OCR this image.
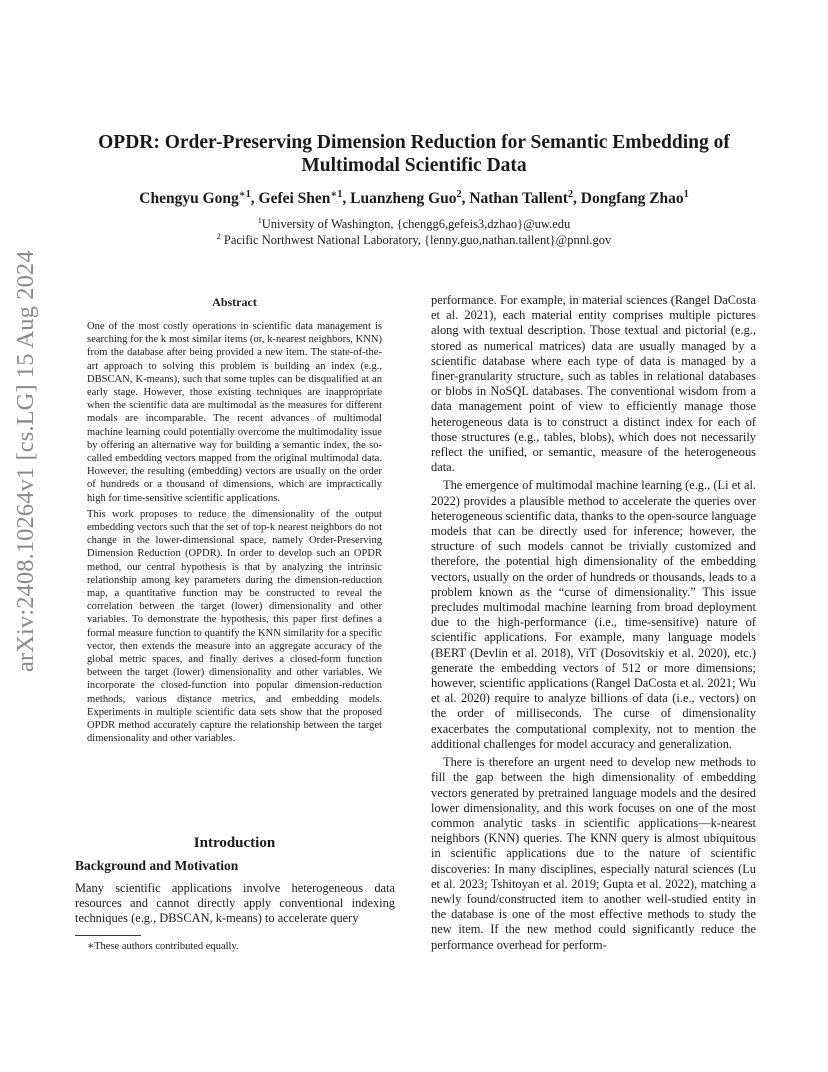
OPDR: Order-Preserving Dimension Reduction for Semantic Embedding of Multimodal Scientific Data
Chengyu Gong$^{∗1}$, Gefei Shen$^{∗1}$, Luanzheng Guo$^2$, Nathan Tallent$^2$, Dongfang Zhao$^1$
$^1$University of Washington, {chengg6,gefeis3,dzhao}@uw.edu
$^2$ Pacific Northwest National Laboratory, {lenny.guo,nathan.tallent}@pnnl.gov
arXiv:2408.10264v1 [cs.LG] 15 Aug 2024	Abstract

One of the most costly operations in scientific data management is searching for the k most similar items (or, k-nearest neighbors, KNN) from the database after being provided a new item. The state-of-the-art approach to solving this problem is building an index (e.g., DBSCAN, K-means), such that some tuples can be disqualified at an early stage. However, those existing techniques are inappropriate when the scientific data are multimodal as the measures for different modals are incomparable. The recent advances of multimodal machine learning could potentially overcome the multimodality issue by offering an alternative way for building a semantic index, the so-called embedding vectors mapped from the original multimodal data. However, the resulting (embedding) vectors are usually on the order of hundreds or a thousand of dimensions, which are impractically high for time-sensitive scientific applications.

This work proposes to reduce the dimensionality of the output embedding vectors such that the set of top-k nearest neighbors do not change in the lower-dimensional space, namely Order-Preserving Dimension Reduction (OPDR). In order to develop such an OPDR method, our central hypothesis is that by analyzing the intrinsic relationship among key parameters during the dimension-reduction map, a quantitative function may be constructed to reveal the correlation between the target (lower) dimensionality and other variables. To demonstrate the hypothesis, this paper first defines a formal measure function to quantify the KNN similarity for a specific vector, then extends the measure into an aggregate accuracy of the global metric spaces, and finally derives a closed-form function between the target (lower) dimensionality and other variables. We incorporate the closed-function into popular dimension-reduction methods, various distance metrics, and embedding models. Experiments in multiple scientific data sets show that the proposed OPDR method accurately capture the relationship between the target dimensionality and other variables.

Introduction
Background and Motivation
Many scientific applications involve heterogeneous data resources and cannot directly apply conventional indexing techniques (e.g., DBSCAN, k-means) to accelerate query
∗These authors contributed equally.

performance. For example, in material sciences (Rangel DaCosta et al. 2021), each material entity comprises multiple pictures along with textual description. Those textual and pictorial (e.g., stored as numerical matrices) data are usually managed by a scientific database where each type of data is managed by a finer-granularity structure, such as tables in relational databases or blobs in NoSQL databases. The conventional wisdom from a data management point of view to efficiently manage those heterogeneous data is to construct a distinct index for each of those structures (e.g., tables, blobs), which does not necessarily reflect the unified, or semantic, measure of the heterogeneous data.

The emergence of multimodal machine learning (e.g., (Li et al. 2022) provides a plausible method to accelerate the queries over heterogeneous scientific data, thanks to the open-source language models that can be directly used for inference; however, the structure of such models cannot be trivially customized and therefore, the potential high dimensionality of the embedding vectors, usually on the order of hundreds or thousands, leads to a problem known as the “curse of dimensionality.” This issue precludes multimodal machine learning from broad deployment due to the high-performance (i.e., time-sensitive) nature of scientific applications. For example, many language models (BERT (Devlin et al. 2018), ViT (Dosovitskiy et al. 2020), etc.) generate the embedding vectors of 512 or more dimensions; however, scientific applications (Rangel DaCosta et al. 2021; Wu et al. 2020) require to analyze billions of data (i.e., vectors) on the order of milliseconds. The curse of dimensionality exacerbates the computational complexity, not to mention the additional challenges for model accuracy and generalization.

There is therefore an urgent need to develop new methods to fill the gap between the high dimensionality of embedding vectors generated by pretrained language models and the desired lower dimensionality, and this work focuses on one of the most common analytic tasks in scientific applications—k-nearest neighbors (KNN) queries. The KNN query is almost ubiquitous in scientific applications due to the nature of scientific discoveries: In many disciplines, especially natural sciences (Lu et al. 2023; Tshitoyan et al. 2019; Gupta et al. 2022), matching a newly found/constructed item to another well-studied entity in the database is one of the most effective methods to study the new item. If the new method could significantly reduce the performance overhead for perform-
